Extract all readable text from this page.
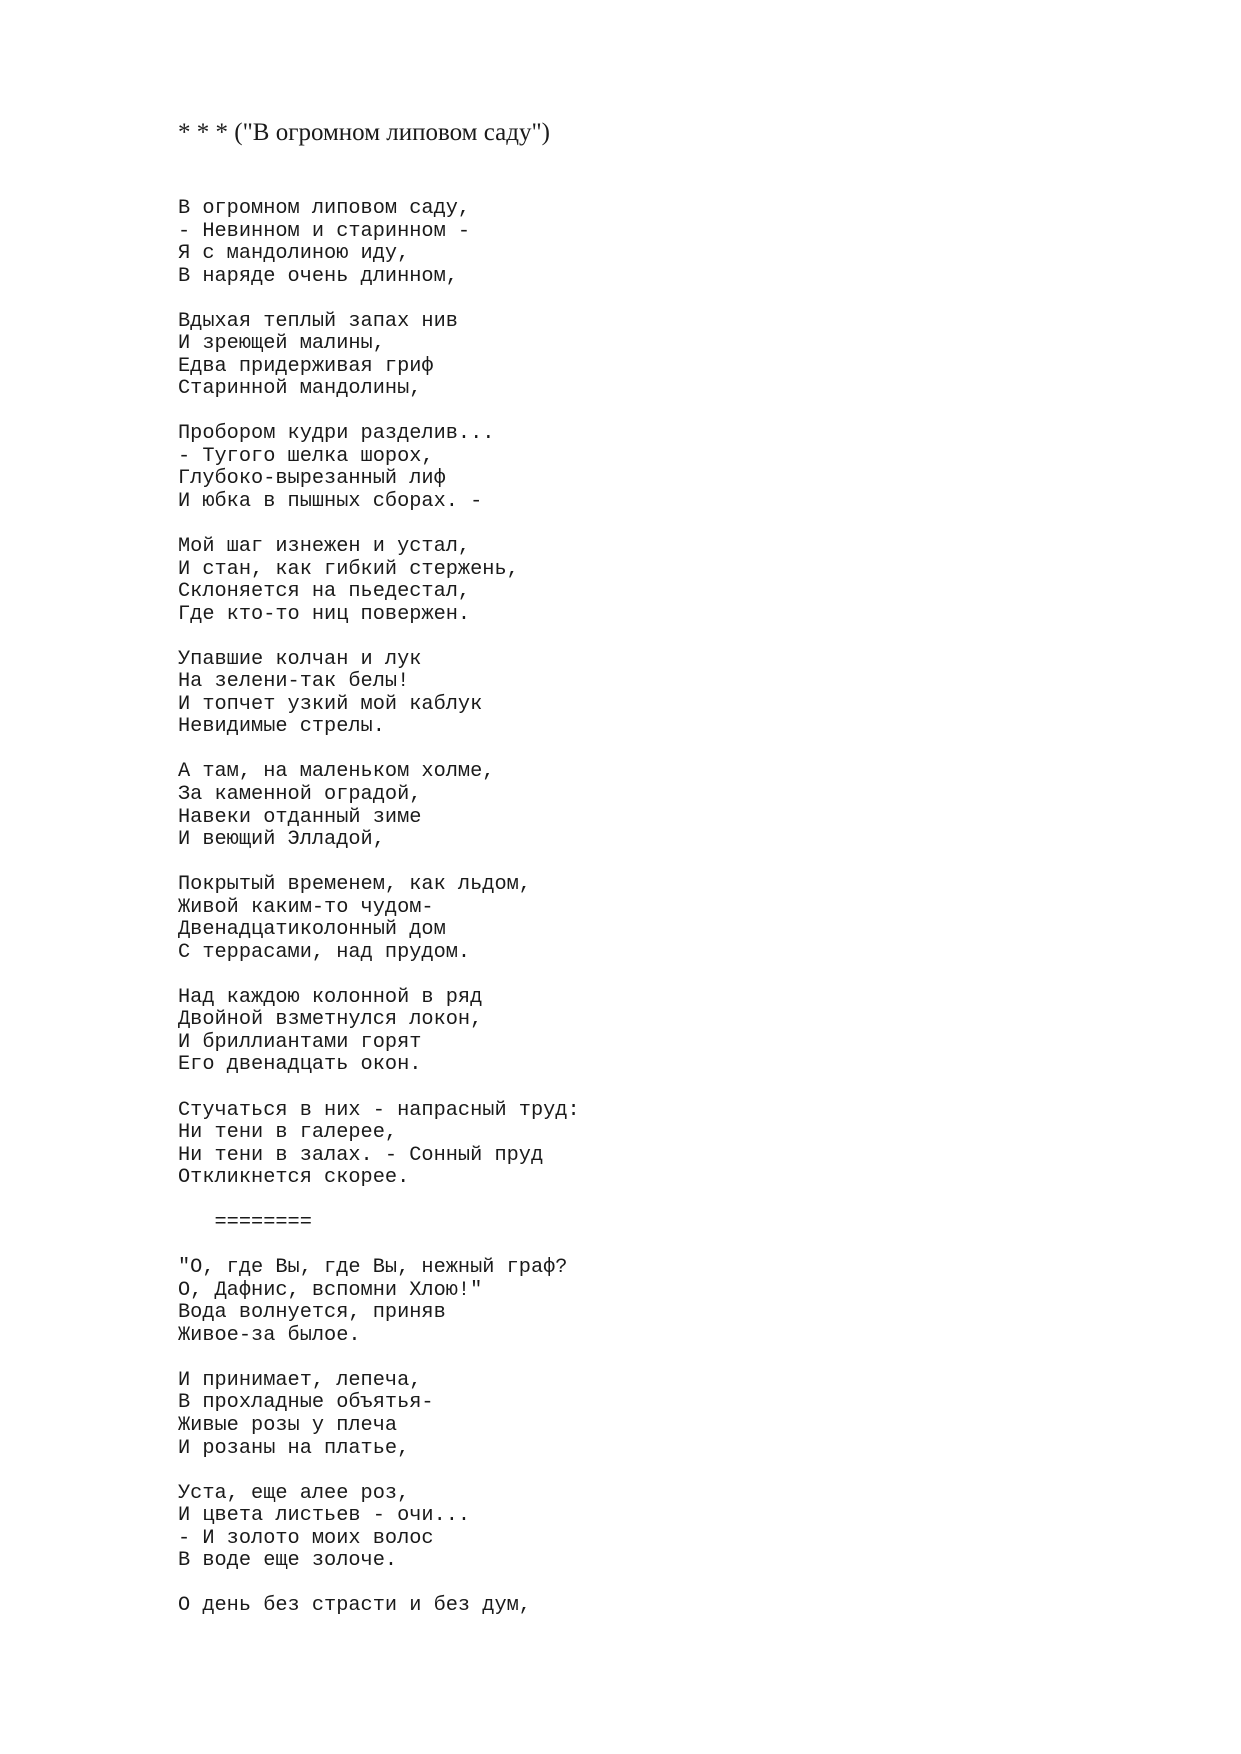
* * * ("В огромном липовом саду")
В огромном липовом саду,
- Невинном и старинном -
Я с мандолиною иду,
В наряде очень длинном,
Вдыхая теплый запах нив
И зреющей малины,
Едва придерживая гриф
Старинной мандолины,
Пробором кудри разделив...
- Тугого шелка шорох,
Глубоко-вырезанный лиф
И юбка в пышных сборах. -
Мой шаг изнежен и устал,
И стан, как гибкий стержень,
Склоняется на пьедестал,
Где кто-то ниц повержен.
Упавшие колчан и лук
На зелени-так белы!
И топчет узкий мой каблук
Невидимые стрелы.
А там, на маленьком холме,
За каменной оградой,
Навеки отданный зиме
И веющий Элладой,
Покрытый временем, как льдом,
Живой каким-то чудом-
Двенадцатиколонный дом
С террасами, над прудом.
Над каждою колонной в ряд
Двойной взметнулся локон,
И бриллиантами горят
Его двенадцать окон.
Стучаться в них - напрасный труд:
Ни тени в галерее,
Ни тени в залах. - Сонный пруд
Откликнется скорее.
========
"О, где Вы, где Вы, нежный граф?
О, Дафнис, вспомни Хлою!"
Вода волнуется, приняв
Живое-за былое.
И принимает, лепеча,
В прохладные объятья-
Живые розы у плеча
И розаны на платье,
Уста, еще алее роз,
И цвета листьев - очи...
- И золото моих волос
В воде еще золоче.
О день без страсти и без дум,
